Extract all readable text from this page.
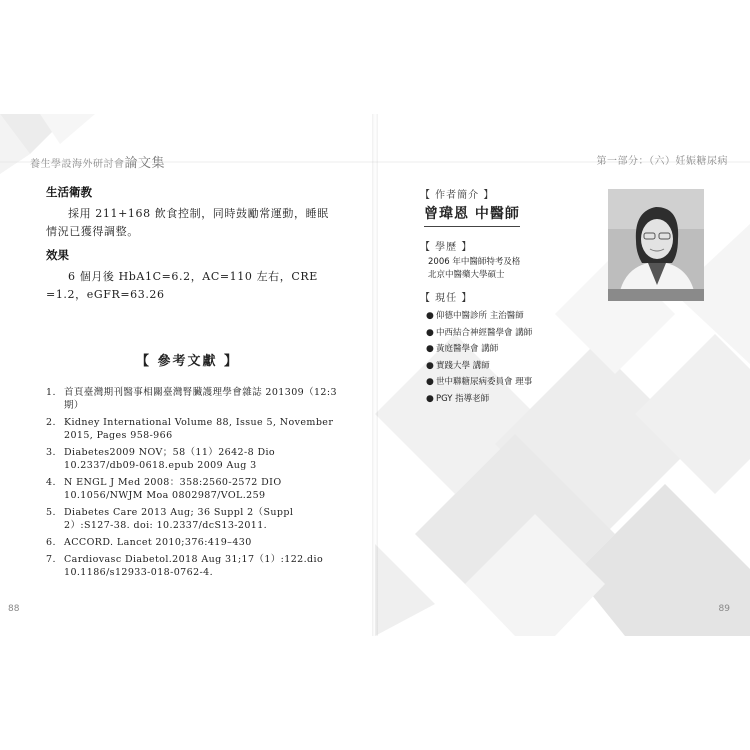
養生學設海外研討會論文集
生活衛教
採用 211+168 飲食控制，同時鼓勵常運動，睡眠情況已獲得調整。
效果
6 個月後 HbA1C=6.2，AC=110 左右，CRE =1.2，eGFR=63.26
【 參考文獻 】
1. 首頁臺灣期刊醫事相關臺灣腎臟護理學會雜誌 201309（12:3 期）
2. Kidney International Volume 88, Issue 5, November 2015, Pages 958-966
3. Diabetes2009 NOV；58（11）2642-8 Dio 10.2337/db09-0618.epub 2009 Aug 3
4. N ENGL J Med 2008：358:2560-2572 DIO 10.1056/NWJM Moa 0802987/VOL.259
5. Diabetes Care 2013 Aug; 36 Suppl 2（Suppl 2）:S127-38. doi: 10.2337/dcS13-2011.
6. ACCORD. Lancet 2010;376:419–430
7. Cardiovasc Diabetol.2018 Aug 31;17（1）:122.dio 10.1186/s12933-018-0762-4.
88
第一部分：（六）妊娠糖尿病
89
【 作者簡介 】
曾瑋恩 中醫師
【 學歷 】
2006 年中醫師特考及格
北京中醫藥大學碩士
【 現任 】
● 仰德中醫診所 主治醫師
● 中西結合神經醫學會 講師
● 黃庭醫學會 講師
● 實踐大學 講師
● 世中聯糖尿病委員會 理事
● PGY 指導老師
